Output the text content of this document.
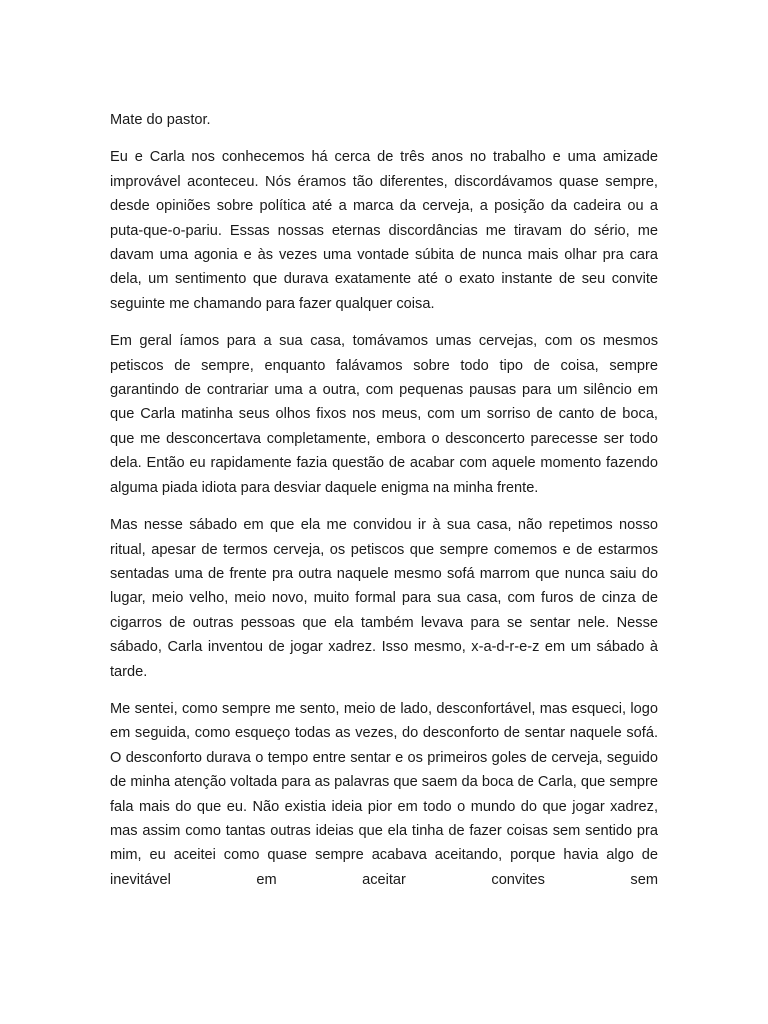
Mate do pastor.

Eu e Carla nos conhecemos há cerca de três anos no trabalho e uma amizade improvável aconteceu. Nós éramos tão diferentes, discordávamos quase sempre, desde opiniões sobre política até a marca da cerveja, a posição da cadeira ou a puta-que-o-pariu. Essas nossas eternas discordâncias me tiravam do sério, me davam uma agonia e às vezes uma vontade súbita de nunca mais olhar pra cara dela, um sentimento que durava exatamente até o exato instante de seu convite seguinte me chamando para fazer qualquer coisa.

Em geral íamos para a sua casa, tomávamos umas cervejas, com os mesmos petiscos de sempre, enquanto falávamos sobre todo tipo de coisa, sempre garantindo de contrariar uma a outra, com pequenas pausas para um silêncio em que Carla matinha seus olhos fixos nos meus, com um sorriso de canto de boca, que me desconcertava completamente, embora o desconcerto parecesse ser todo dela. Então eu rapidamente fazia questão de acabar com aquele momento fazendo alguma piada idiota para desviar daquele enigma na minha frente.

Mas nesse sábado em que ela me convidou ir à sua casa, não repetimos nosso ritual, apesar de termos cerveja, os petiscos que sempre comemos e de estarmos sentadas uma de frente pra outra naquele mesmo sofá marrom que nunca saiu do lugar, meio velho, meio novo, muito formal para sua casa, com furos de cinza de cigarros de outras pessoas que ela também levava para se sentar nele. Nesse sábado, Carla inventou de jogar xadrez. Isso mesmo, x-a-d-r-e-z em um sábado à tarde.

Me sentei, como sempre me sento, meio de lado, desconfortável, mas esqueci, logo em seguida, como esqueço todas as vezes, do desconforto de sentar naquele sofá. O desconforto durava o tempo entre sentar e os primeiros goles de cerveja, seguido de minha atenção voltada para as palavras que saem da boca de Carla, que sempre fala mais do que eu. Não existia ideia pior em todo o mundo do que jogar xadrez, mas assim como tantas outras ideias que ela tinha de fazer coisas sem sentido pra mim, eu aceitei como quase sempre acabava aceitando, porque havia algo de inevitável em aceitar convites sem
